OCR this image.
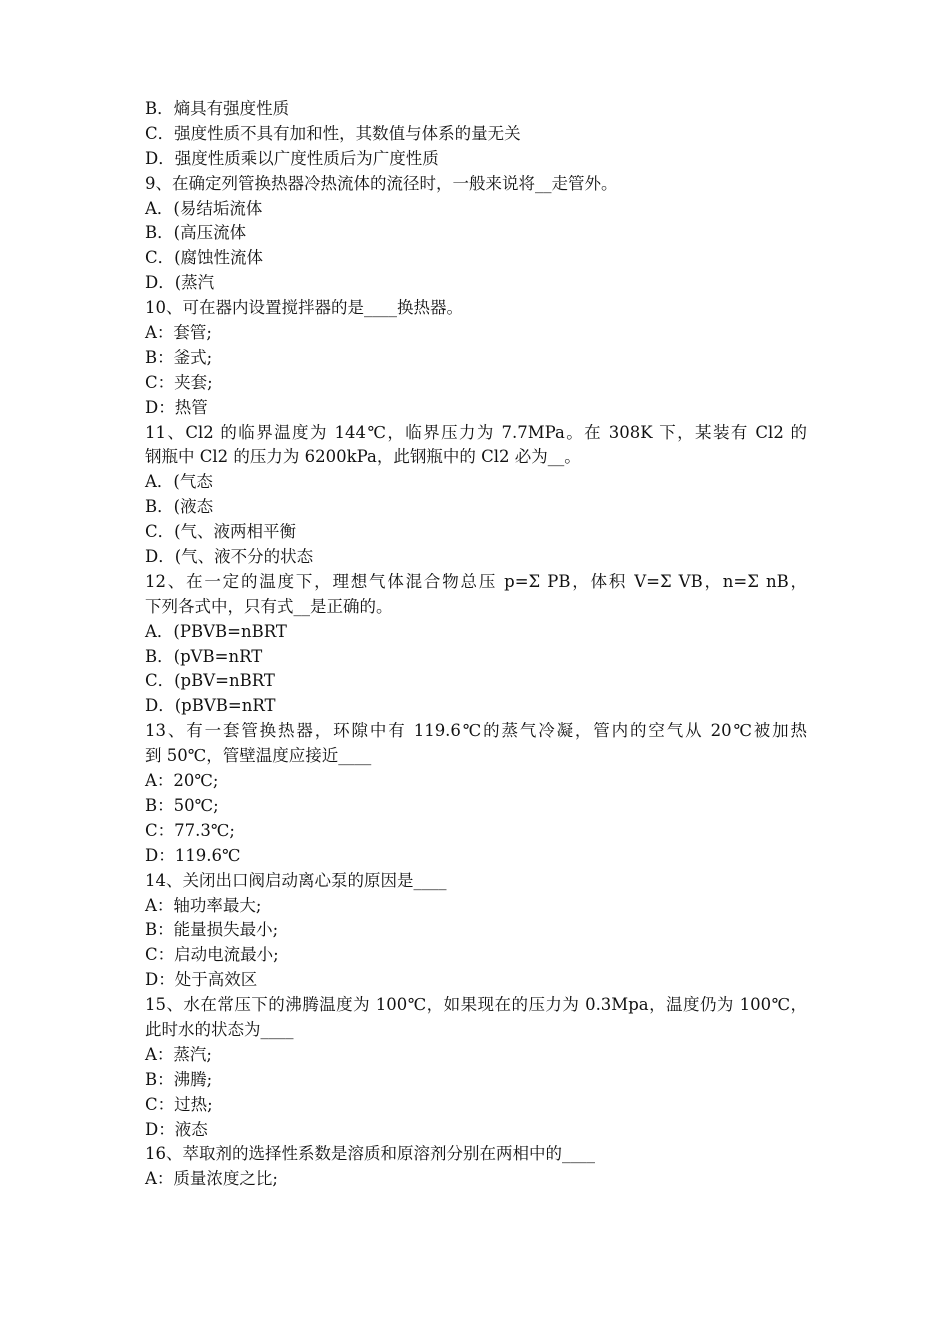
B．熵具有强度性质
C．强度性质不具有加和性，其数值与体系的量无关
D．强度性质乘以广度性质后为广度性质
9、在确定列管换热器冷热流体的流径时，一般来说将__走管外。
A．(易结垢流体
B．(高压流体
C．(腐蚀性流体
D．(蒸汽
10、可在器内设置搅拌器的是____换热器。
A：套管;
B：釜式;
C：夹套;
D：热管
11、Cl2 的临界温度为 144℃，临界压力为 7.7MPa。在 308K 下，某装有 Cl2 的
钢瓶中 Cl2 的压力为 6200kPa，此钢瓶中的 Cl2 必为__。
A．(气态
B．(液态
C．(气、液两相平衡
D．(气、液不分的状态
12、在一定的温度下，理想气体混合物总压 p=Σ PB，体积 V=Σ VB，n=Σ nB，
下列各式中，只有式__是正确的。
A．(PBVB=nBRT
B．(pVB=nRT
C．(pBV=nBRT
D．(pBVB=nRT
13、有一套管换热器，环隙中有 119.6℃的蒸气冷凝，管内的空气从 20℃被加热
到 50℃，管壁温度应接近____
A：20℃;
B：50℃;
C：77.3℃;
D：119.6℃
14、关闭出口阀启动离心泵的原因是____
A：轴功率最大;
B：能量损失最小;
C：启动电流最小;
D：处于高效区
15、水在常压下的沸腾温度为 100℃，如果现在的压力为 0.3Mpa，温度仍为 100℃，
此时水的状态为____
A：蒸汽;
B：沸腾;
C：过热;
D：液态
16、萃取剂的选择性系数是溶质和原溶剂分别在两相中的____
A：质量浓度之比;
